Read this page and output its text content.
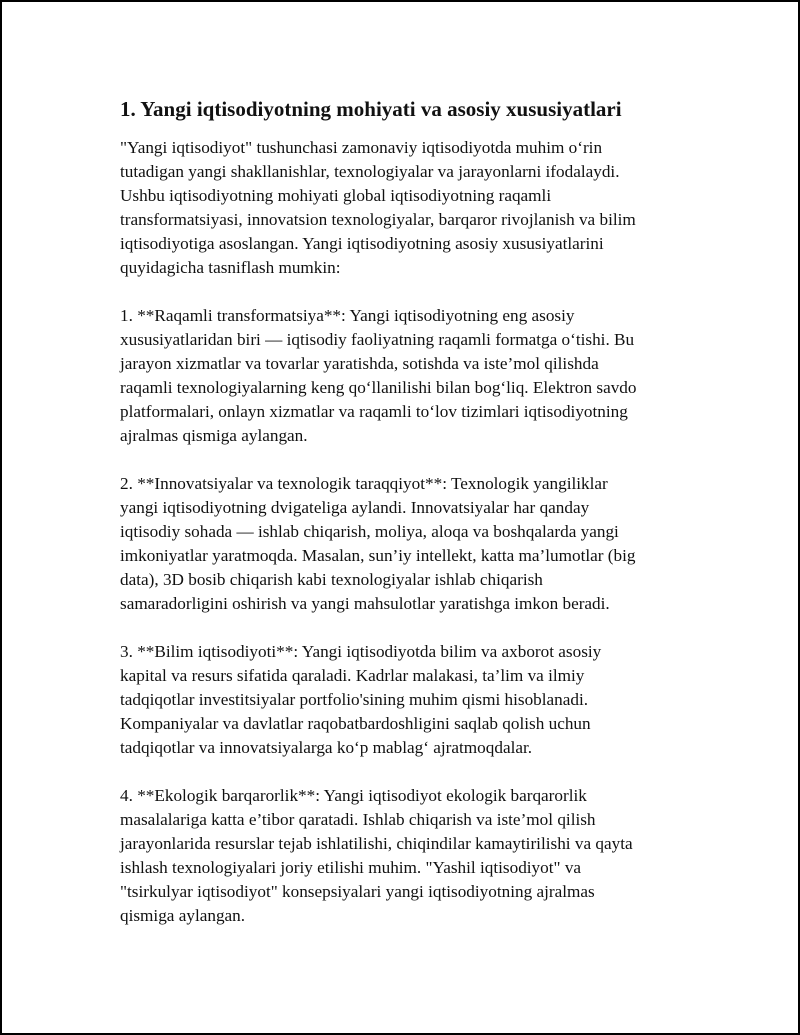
1. Yangi iqtisodiyotning mohiyati va asosiy xususiyatlari
"Yangi iqtisodiyot" tushunchasi zamonaviy iqtisodiyotda muhim o‘rin
tutadigan yangi shakllanishlar, texnologiyalar va jarayonlarni ifodalaydi.
Ushbu iqtisodiyotning mohiyati global iqtisodiyotning raqamli
transformatsiyasi, innovatsion texnologiyalar, barqaror rivojlanish va bilim
iqtisodiyotiga asoslangan. Yangi iqtisodiyotning asosiy xususiyatlarini
quyidagicha tasniflash mumkin:
1. **Raqamli transformatsiya**: Yangi iqtisodiyotning eng asosiy
xususiyatlaridan biri — iqtisodiy faoliyatning raqamli formatga o‘tishi. Bu
jarayon xizmatlar va tovarlar yaratishda, sotishda va iste’mol qilishda
raqamli texnologiyalarning keng qo‘llanilishi bilan bog‘liq. Elektron savdo
platformalari, onlayn xizmatlar va raqamli to‘lov tizimlari iqtisodiyotning
ajralmas qismiga aylangan.
2. **Innovatsiyalar va texnologik taraqqiyot**: Texnologik yangiliklar
yangi iqtisodiyotning dvigateliga aylandi. Innovatsiyalar har qanday
iqtisodiy sohada — ishlab chiqarish, moliya, aloqa va boshqalarda yangi
imkoniyatlar yaratmoqda. Masalan, sun’iy intellekt, katta ma’lumotlar (big
data), 3D bosib chiqarish kabi texnologiyalar ishlab chiqarish
samaradorligini oshirish va yangi mahsulotlar yaratishga imkon beradi.
3. **Bilim iqtisodiyoti**: Yangi iqtisodiyotda bilim va axborot asosiy
kapital va resurs sifatida qaraladi. Kadrlar malakasi, ta’lim va ilmiy
tadqiqotlar investitsiyalar portfolio'sining muhim qismi hisoblanadi.
Kompaniyalar va davlatlar raqobatbardoshligini saqlab qolish uchun
tadqiqotlar va innovatsiyalarga ko‘p mablag‘ ajratmoqdalar.
4. **Ekologik barqarorlik**: Yangi iqtisodiyot ekologik barqarorlik
masalalariga katta e’tibor qaratadi. Ishlab chiqarish va iste’mol qilish
jarayonlarida resurslar tejab ishlatilishi, chiqindilar kamaytirilishi va qayta
ishlash texnologiyalari joriy etilishi muhim. "Yashil iqtisodiyot" va
"tsirkulyar iqtisodiyot" konsepsiyalari yangi iqtisodiyotning ajralmas
qismiga aylangan.
